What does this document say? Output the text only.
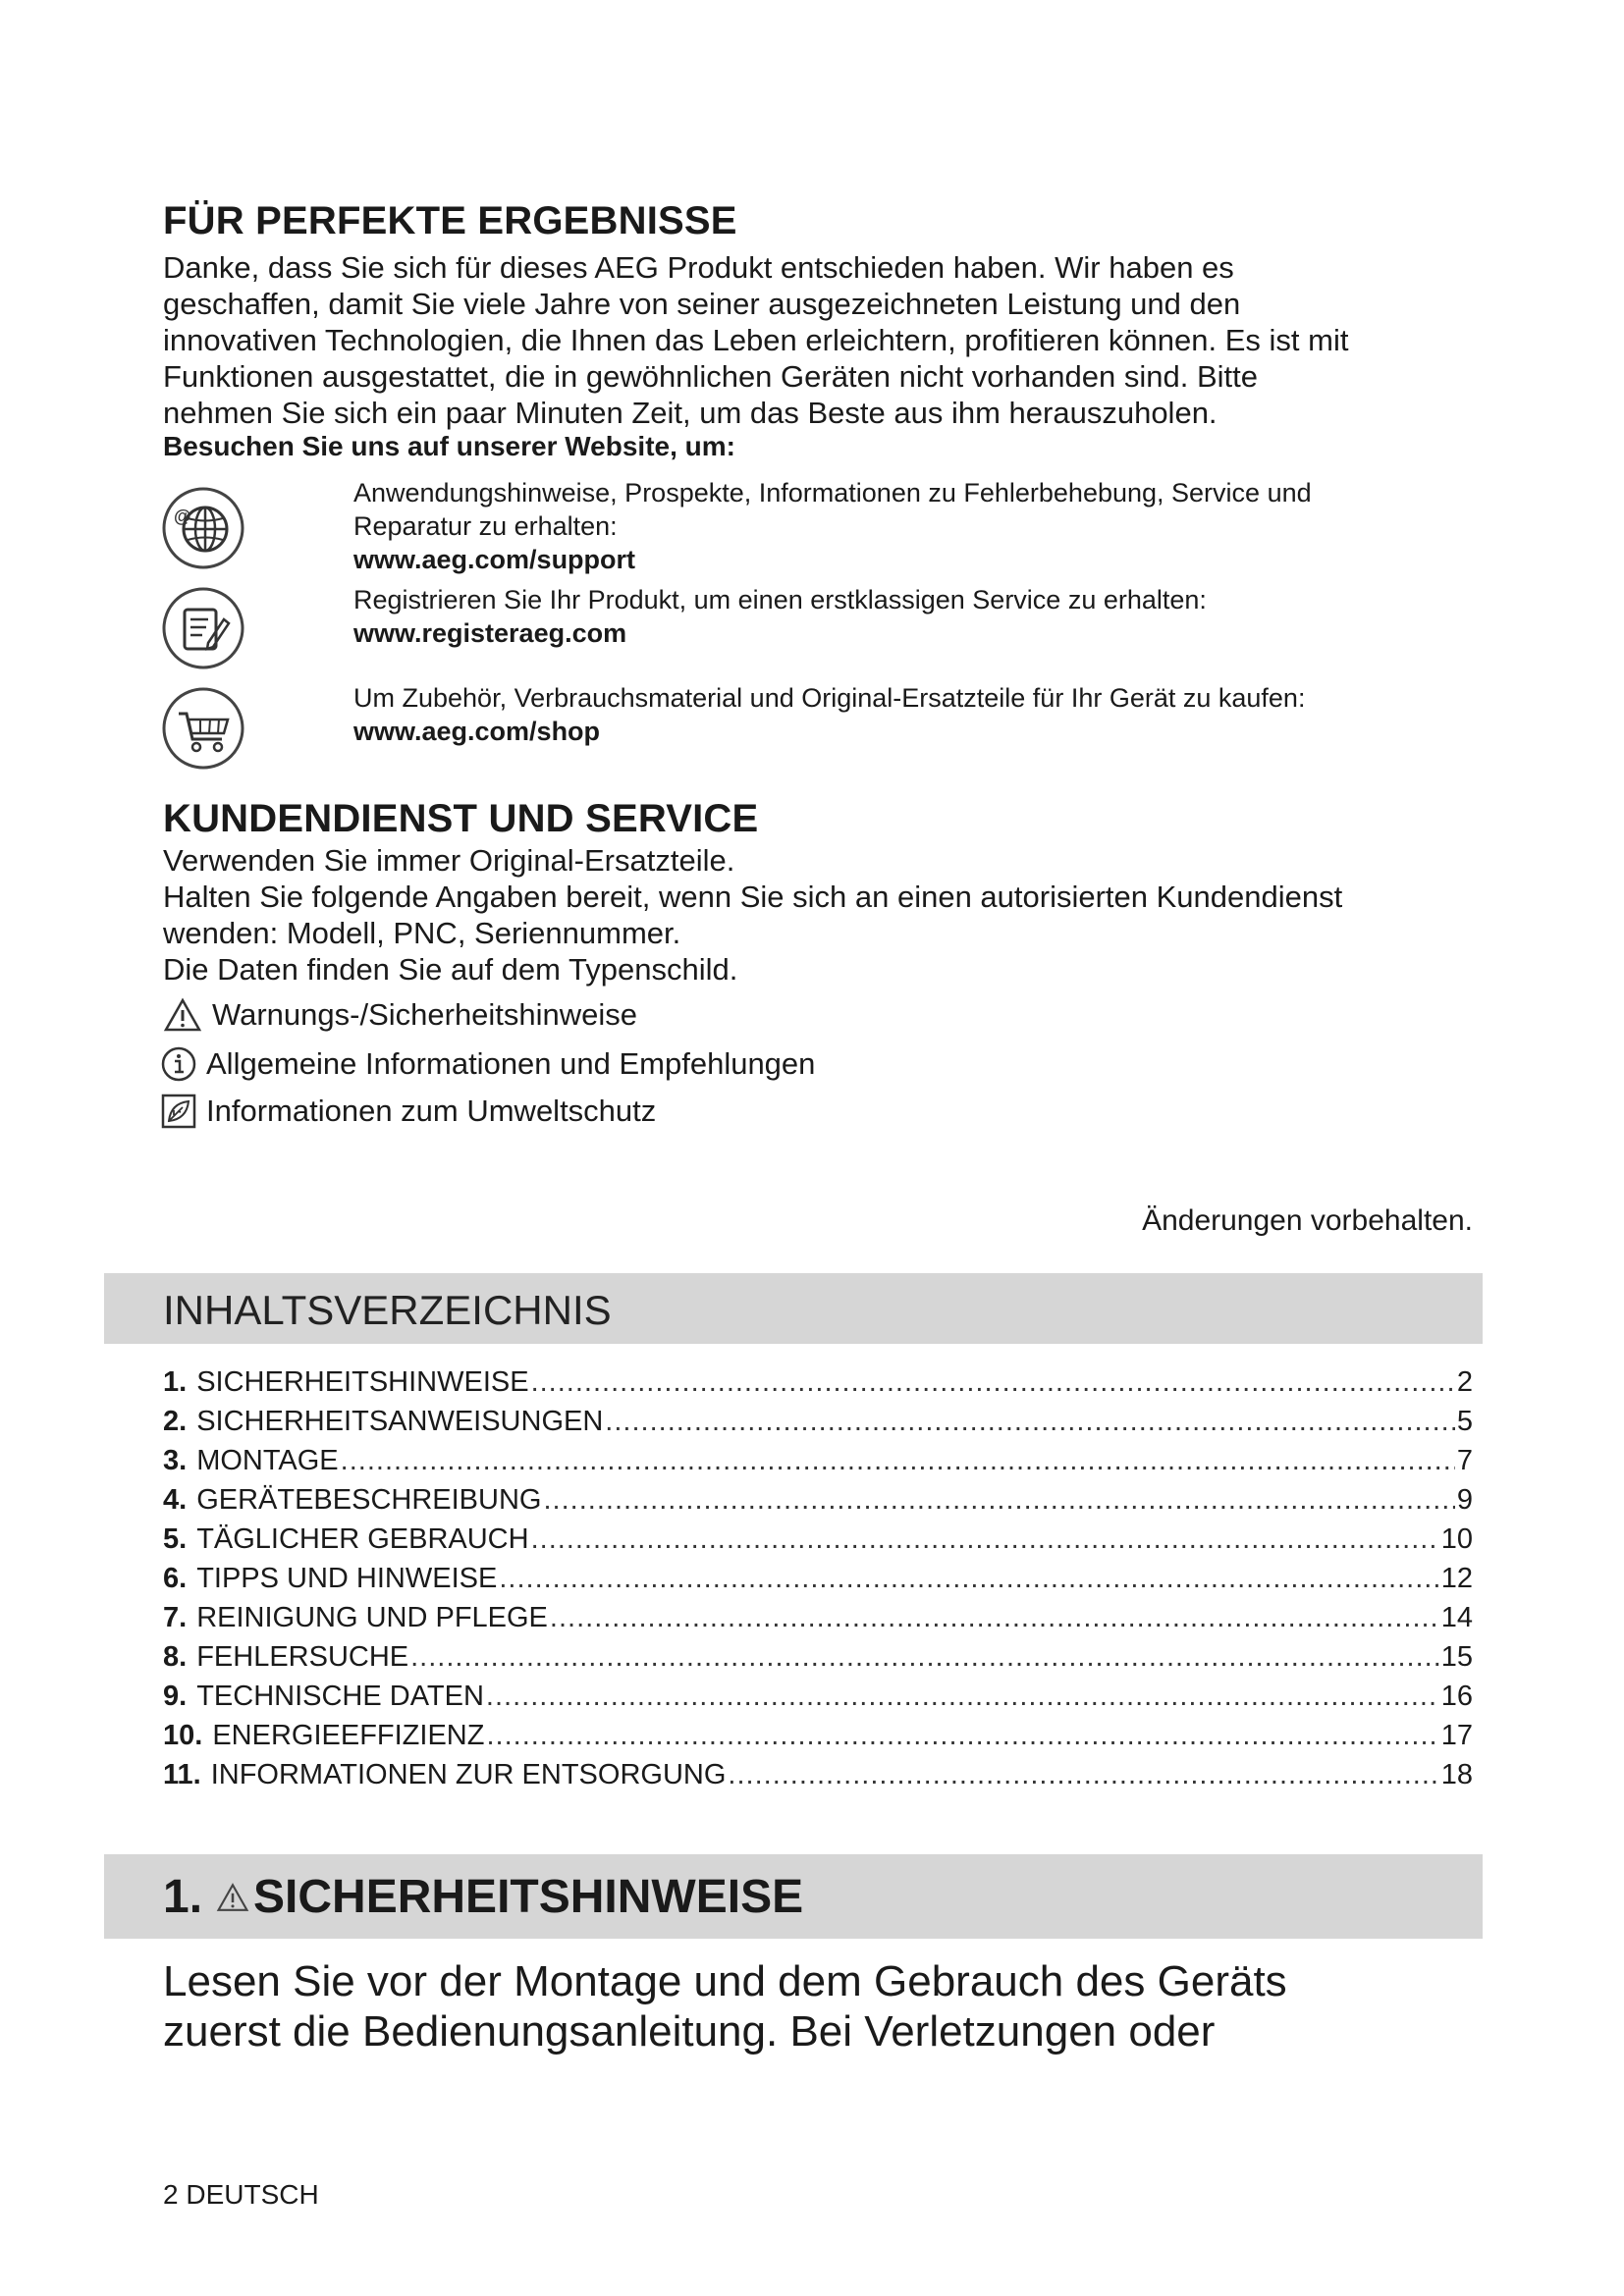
FÜR PERFEKTE ERGEBNISSE
Danke, dass Sie sich für dieses AEG Produkt entschieden haben. Wir haben es
geschaffen, damit Sie viele Jahre von seiner ausgezeichneten Leistung und den
innovativen Technologien, die Ihnen das Leben erleichtern, profitieren können. Es ist mit
Funktionen ausgestattet, die in gewöhnlichen Geräten nicht vorhanden sind. Bitte
nehmen Sie sich ein paar Minuten Zeit, um das Beste aus ihm herauszuholen.
Besuchen Sie uns auf unserer Website, um:
@
Anwendungshinweise, Prospekte, Informationen zu Fehlerbehebung, Service und
Reparatur zu erhalten:
www.aeg.com/support
Registrieren Sie Ihr Produkt, um einen erstklassigen Service zu erhalten:
www.registeraeg.com
Um Zubehör, Verbrauchsmaterial und Original-Ersatzteile für Ihr Gerät zu kaufen:
www.aeg.com/shop
KUNDENDIENST UND SERVICE
Verwenden Sie immer Original-Ersatzteile.
Halten Sie folgende Angaben bereit, wenn Sie sich an einen autorisierten Kundendienst
wenden: Modell, PNC, Seriennummer.
Die Daten finden Sie auf dem Typenschild.
Warnungs-/Sicherheitshinweise
Allgemeine Informationen und Empfehlungen
Informationen zum Umweltschutz
Änderungen vorbehalten.
INHALTSVERZEICHNIS
1. SICHERHEITSHINWEISE .....	2
2. SICHERHEITSANWEISUNGEN .....	5
3. MONTAGE .....	7
4. GERÄTEBESCHREIBUNG .....	9
5. TÄGLICHER GEBRAUCH .....	10
6. TIPPS UND HINWEISE .....	12
7. REINIGUNG UND PFLEGE .....	14
8. FEHLERSUCHE .....	15
9. TECHNISCHE DATEN .....	16
10. ENERGIEEFFIZIENZ .....	17
11. INFORMATIONEN ZUR ENTSORGUNG .....	18
1. SICHERHEITSHINWEISE
Lesen Sie vor der Montage und dem Gebrauch des Geräts
zuerst die Bedienungsanleitung. Bei Verletzungen oder
2 DEUTSCH
